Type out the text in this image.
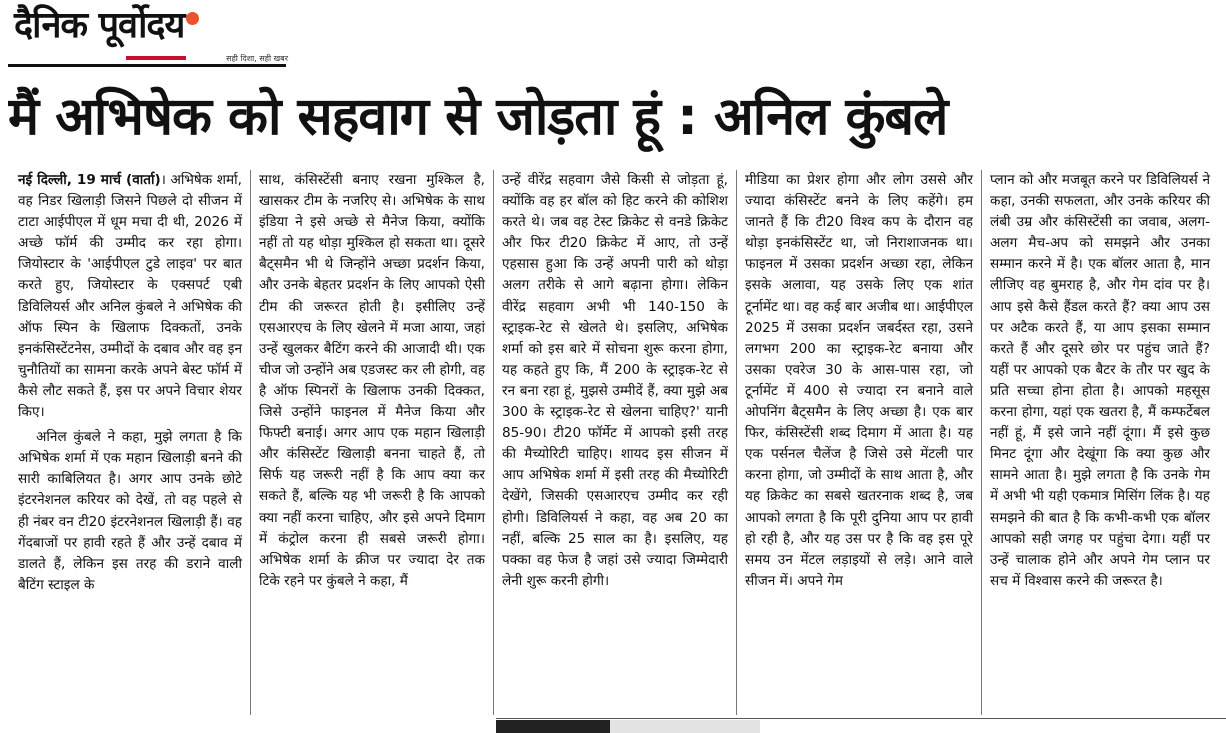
दैनिक पूर्वोदय
सही दिशा, सही खबर
मैं अभिषेक को सहवाग से जोड़ता हूं : अनिल कुंबले

नई दिल्ली, 19 मार्च (वार्ता)। अभिषेक शर्मा, वह निडर खिलाड़ी जिसने पिछले दो सीजन में टाटा आईपीएल में धूम मचा दी थी, 2026 में अच्छे फॉर्म की उम्मीद कर रहा होगा। जियोस्टार के 'आईपीएल टुडे लाइव' पर बात करते हुए, जियोस्टार के एक्सपर्ट एबी डिविलियर्स और अनिल कुंबले ने अभिषेक की ऑफ स्पिन के खिलाफ दिक्कतों, उनके इनकंसिस्टेंटनेस, उम्मीदों के दबाव और वह इन चुनौतियों का सामना करके अपने बेस्ट फॉर्म में कैसे लौट सकते हैं, इस पर अपने विचार शेयर किए।

अनिल कुंबले ने कहा, मुझे लगता है कि अभिषेक शर्मा में एक महान खिलाड़ी बनने की सारी काबिलियत है। अगर आप उनके छोटे इंटरनेशनल करियर को देखें, तो वह पहले से ही नंबर वन टी20 इंटरनेशनल खिलाड़ी हैं। वह गेंदबाजों पर हावी रहते हैं और उन्हें दबाव में डालते हैं, लेकिन इस तरह की डराने वाली बैटिंग स्टाइल के

साथ, कंसिस्टेंसी बनाए रखना मुश्किल है, खासकर टीम के नजरिए से। अभिषेक के साथ इंडिया ने इसे अच्छे से मैनेज किया, क्योंकि नहीं तो यह थोड़ा मुश्किल हो सकता था। दूसरे बैट्समैन भी थे जिन्होंने अच्छा प्रदर्शन किया, और उनके बेहतर प्रदर्शन के लिए आपको ऐसी टीम की जरूरत होती है। इसीलिए उन्हें एसआरएच के लिए खेलने में मजा आया, जहां उन्हें खुलकर बैटिंग करने की आजादी थी। एक चीज जो उन्होंने अब एडजस्ट कर ली होगी, वह है ऑफ स्पिनरों के खिलाफ उनकी दिक्कत, जिसे उन्होंने फाइनल में मैनेज किया और फिफ्टी बनाई। अगर आप एक महान खिलाड़ी और कंसिस्टेंट खिलाड़ी बनना चाहते हैं, तो सिर्फ यह जरूरी नहीं है कि आप क्या कर सकते हैं, बल्कि यह भी जरूरी है कि आपको क्या नहीं करना चाहिए, और इसे अपने दिमाग में कंट्रोल करना ही सबसे जरूरी होगा। अभिषेक शर्मा के क्रीज पर ज्यादा देर तक टिके रहने पर कुंबले ने कहा, मैं

उन्हें वीरेंद्र सहवाग जैसे किसी से जोड़ता हूं, क्योंकि वह हर बॉल को हिट करने की कोशिश करते थे। जब वह टेस्ट क्रिकेट से वनडे क्रिकेट और फिर टी20 क्रिकेट में आए, तो उन्हें एहसास हुआ कि उन्हें अपनी पारी को थोड़ा अलग तरीके से आगे बढ़ाना होगा। लेकिन वीरेंद्र सहवाग अभी भी 140-150 के स्ट्राइक-रेट से खेलते थे। इसलिए, अभिषेक शर्मा को इस बारे में सोचना शुरू करना होगा, यह कहते हुए कि, मैं 200 के स्ट्राइक-रेट से रन बना रहा हूं, मुझसे उम्मीदें हैं, क्या मुझे अब 300 के स्ट्राइक-रेट से खेलना चाहिए?' यानी 85-90। टी20 फॉर्मेट में आपको इसी तरह की मैच्योरिटी चाहिए। शायद इस सीजन में आप अभिषेक शर्मा में इसी तरह की मैच्योरिटी देखेंगे, जिसकी एसआरएच उम्मीद कर रही होगी। डिविलियर्स ने कहा, वह अब 20 का नहीं, बल्कि 25 साल का है। इसलिए, यह पक्का वह फेज है जहां उसे ज्यादा जिम्मेदारी लेनी शुरू करनी होगी।

मीडिया का प्रेशर होगा और लोग उससे और ज्यादा कंसिस्टेंट बनने के लिए कहेंगे। हम जानते हैं कि टी20 विश्व कप के दौरान वह थोड़ा इनकंसिस्टेंट था, जो निराशाजनक था। फाइनल में उसका प्रदर्शन अच्छा रहा, लेकिन इसके अलावा, यह उसके लिए एक शांत टूर्नामेंट था। वह कई बार अजीब था। आईपीएल 2025 में उसका प्रदर्शन जबर्दस्त रहा, उसने लगभग 200 का स्ट्राइक-रेट बनाया और उसका एवरेज 30 के आस-पास रहा, जो टूर्नामेंट में 400 से ज्यादा रन बनाने वाले ओपनिंग बैट्समैन के लिए अच्छा है। एक बार फिर, कंसिस्टेंसी शब्द दिमाग में आता है। यह एक पर्सनल चैलेंज है जिसे उसे मेंटली पार करना होगा, जो उम्मीदों के साथ आता है, और यह क्रिकेट का सबसे खतरनाक शब्द है, जब आपको लगता है कि पूरी दुनिया आप पर हावी हो रही है, और यह उस पर है कि वह इस पूरे समय उन मेंटल लड़ाइयों से लड़े। आने वाले सीजन में। अपने गेम

प्लान को और मजबूत करने पर डिविलियर्स ने कहा, उनकी सफलता, और उनके करियर की लंबी उम्र और कंसिस्टेंसी का जवाब, अलग-अलग मैच-अप को समझने और उनका सम्मान करने में है। एक बॉलर आता है, मान लीजिए वह बुमराह है, और गेम दांव पर है। आप इसे कैसे हैंडल करते हैं? क्या आप उस पर अटैक करते हैं, या आप इसका सम्मान करते हैं और दूसरे छोर पर पहुंच जाते हैं? यहीं पर आपको एक बैटर के तौर पर खुद के प्रति सच्चा होना होता है। आपको महसूस करना होगा, यहां एक खतरा है, मैं कम्फर्टेबल नहीं हूं, मैं इसे जाने नहीं दूंगा। मैं इसे कुछ मिनट दूंगा और देखूंगा कि क्या कुछ और सामने आता है। मुझे लगता है कि उनके गेम में अभी भी यही एकमात्र मिसिंग लिंक है। यह समझने की बात है कि कभी-कभी एक बॉलर आपको सही जगह पर पहुंचा देगा। यहीं पर उन्हें चालाक होने और अपने गेम प्लान पर सच में विश्वास करने की जरूरत है।
